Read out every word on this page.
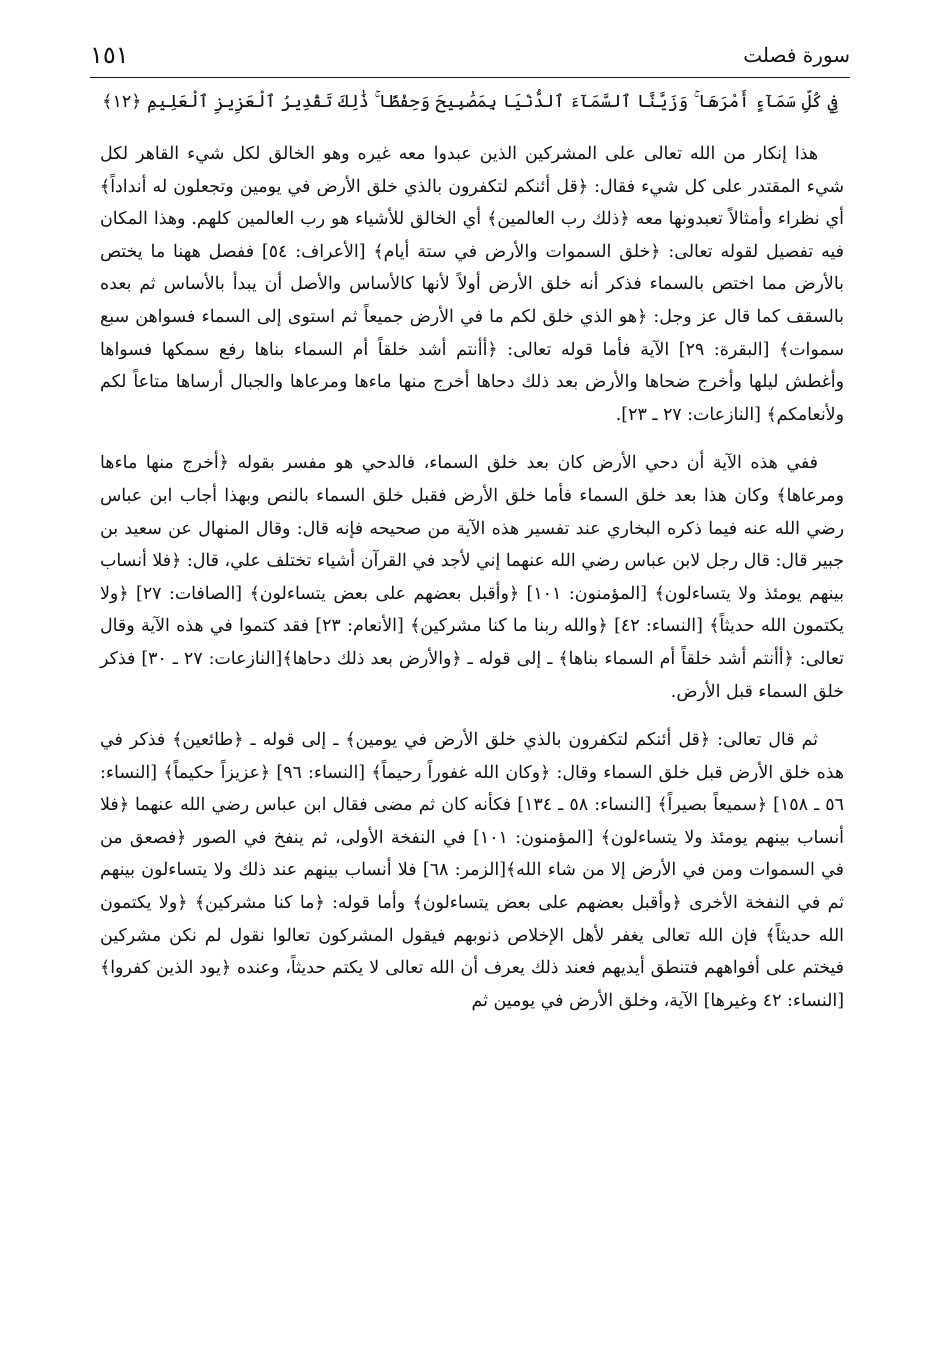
سورة فصلت
١٥١
فِي كُلِّ سَمَآءٍ أَمْرَهَا ۚ وَزَيَّنَّا ٱلسَّمَآءَ ٱلدُّنْيَا بِمَصَٰبِيحَ وَحِفْظًا ۚ ذَٰلِكَ تَقْدِيرُ ٱلْعَزِيزِ ٱلْعَلِيمِ ﴿١٢﴾

هذا إنكار من الله تعالى على المشركين الذين عبدوا معه غيره وهو الخالق لكل شيء القاهر لكل شيء المقتدر على كل شيء فقال: ﴿قل أئنكم لتكفرون بالذي خلق الأرض في يومين وتجعلون له أنداداً﴾ أي نظراء وأمثالاً تعبدونها معه ﴿ذلك رب العالمين﴾ أي الخالق للأشياء هو رب العالمين كلهم. وهذا المكان فيه تفصيل لقوله تعالى: ﴿خلق السموات والأرض في ستة أيام﴾ [الأعراف: ٥٤] ففصل ههنا ما يختص بالأرض مما اختص بالسماء فذكر أنه خلق الأرض أولاً لأنها كالأساس والأصل أن يبدأ بالأساس ثم بعده بالسقف كما قال عز وجل: ﴿هو الذي خلق لكم ما في الأرض جميعاً ثم استوى إلى السماء فسواهن سبع سموات﴾ [البقرة: ٢٩] الآية فأما قوله تعالى: ﴿أأنتم أشد خلقاً أم السماء بناها رفع سمكها فسواها وأغطش ليلها وأخرج ضحاها والأرض بعد ذلك دحاها أخرج منها ماءها ومرعاها والجبال أرساها متاعاً لكم ولأنعامكم﴾ [النازعات: ٢٧ ـ ٢٣].

ففي هذه الآية أن دحي الأرض كان بعد خلق السماء، فالدحي هو مفسر بقوله ﴿أخرج منها ماءها ومرعاها﴾ وكان هذا بعد خلق السماء فأما خلق الأرض فقبل خلق السماء بالنص وبهذا أجاب ابن عباس رضي الله عنه فيما ذكره البخاري عند تفسير هذه الآية من صحيحه فإنه قال: وقال المنهال عن سعيد بن جبير قال: قال رجل لابن عباس رضي الله عنهما إني لأجد في القرآن أشياء تختلف علي، قال: ﴿فلا أنساب بينهم يومئذ ولا يتساءلون﴾ [المؤمنون: ١٠١] ﴿وأقبل بعضهم على بعض يتساءلون﴾ [الصافات: ٢٧] ﴿ولا يكتمون الله حديثاً﴾ [النساء: ٤٢] ﴿والله ربنا ما كنا مشركين﴾ [الأنعام: ٢٣] فقد كتموا في هذه الآية وقال تعالى: ﴿أأنتم أشد خلقاً أم السماء بناها﴾ ـ إلى قوله ـ ﴿والأرض بعد ذلك دحاها﴾[النازعات: ٢٧ ـ ٣٠] فذكر خلق السماء قبل الأرض.

ثم قال تعالى: ﴿قل أئنكم لتكفرون بالذي خلق الأرض في يومين﴾ ـ إلى قوله ـ ﴿طائعين﴾ فذكر في هذه خلق الأرض قبل خلق السماء وقال: ﴿وكان الله غفوراً رحيماً﴾ [النساء: ٩٦] ﴿عزيزاً حكيماً﴾ [النساء: ٥٦ ـ ١٥٨] ﴿سميعاً بصيراً﴾ [النساء: ٥٨ ـ ١٣٤] فكأنه كان ثم مضى فقال ابن عباس رضي الله عنهما ﴿فلا أنساب بينهم يومئذ ولا يتساءلون﴾ [المؤمنون: ١٠١] في النفخة الأولى، ثم ينفخ في الصور ﴿فصعق من في السموات ومن في الأرض إلا من شاء الله﴾[الزمر: ٦٨] فلا أنساب بينهم عند ذلك ولا يتساءلون بينهم ثم في النفخة الأخرى ﴿وأقبل بعضهم على بعض يتساءلون﴾ وأما قوله: ﴿ما كنا مشركين﴾ ﴿ولا يكتمون الله حديثاً﴾ فإن الله تعالى يغفر لأهل الإخلاص ذنوبهم فيقول المشركون تعالوا نقول لم نكن مشركين فيختم على أفواههم فتنطق أيديهم فعند ذلك يعرف أن الله تعالى لا يكتم حديثاً، وعنده ﴿يود الذين كفروا﴾[النساء: ٤٢ وغيرها] الآية، وخلق الأرض في يومين ثم
